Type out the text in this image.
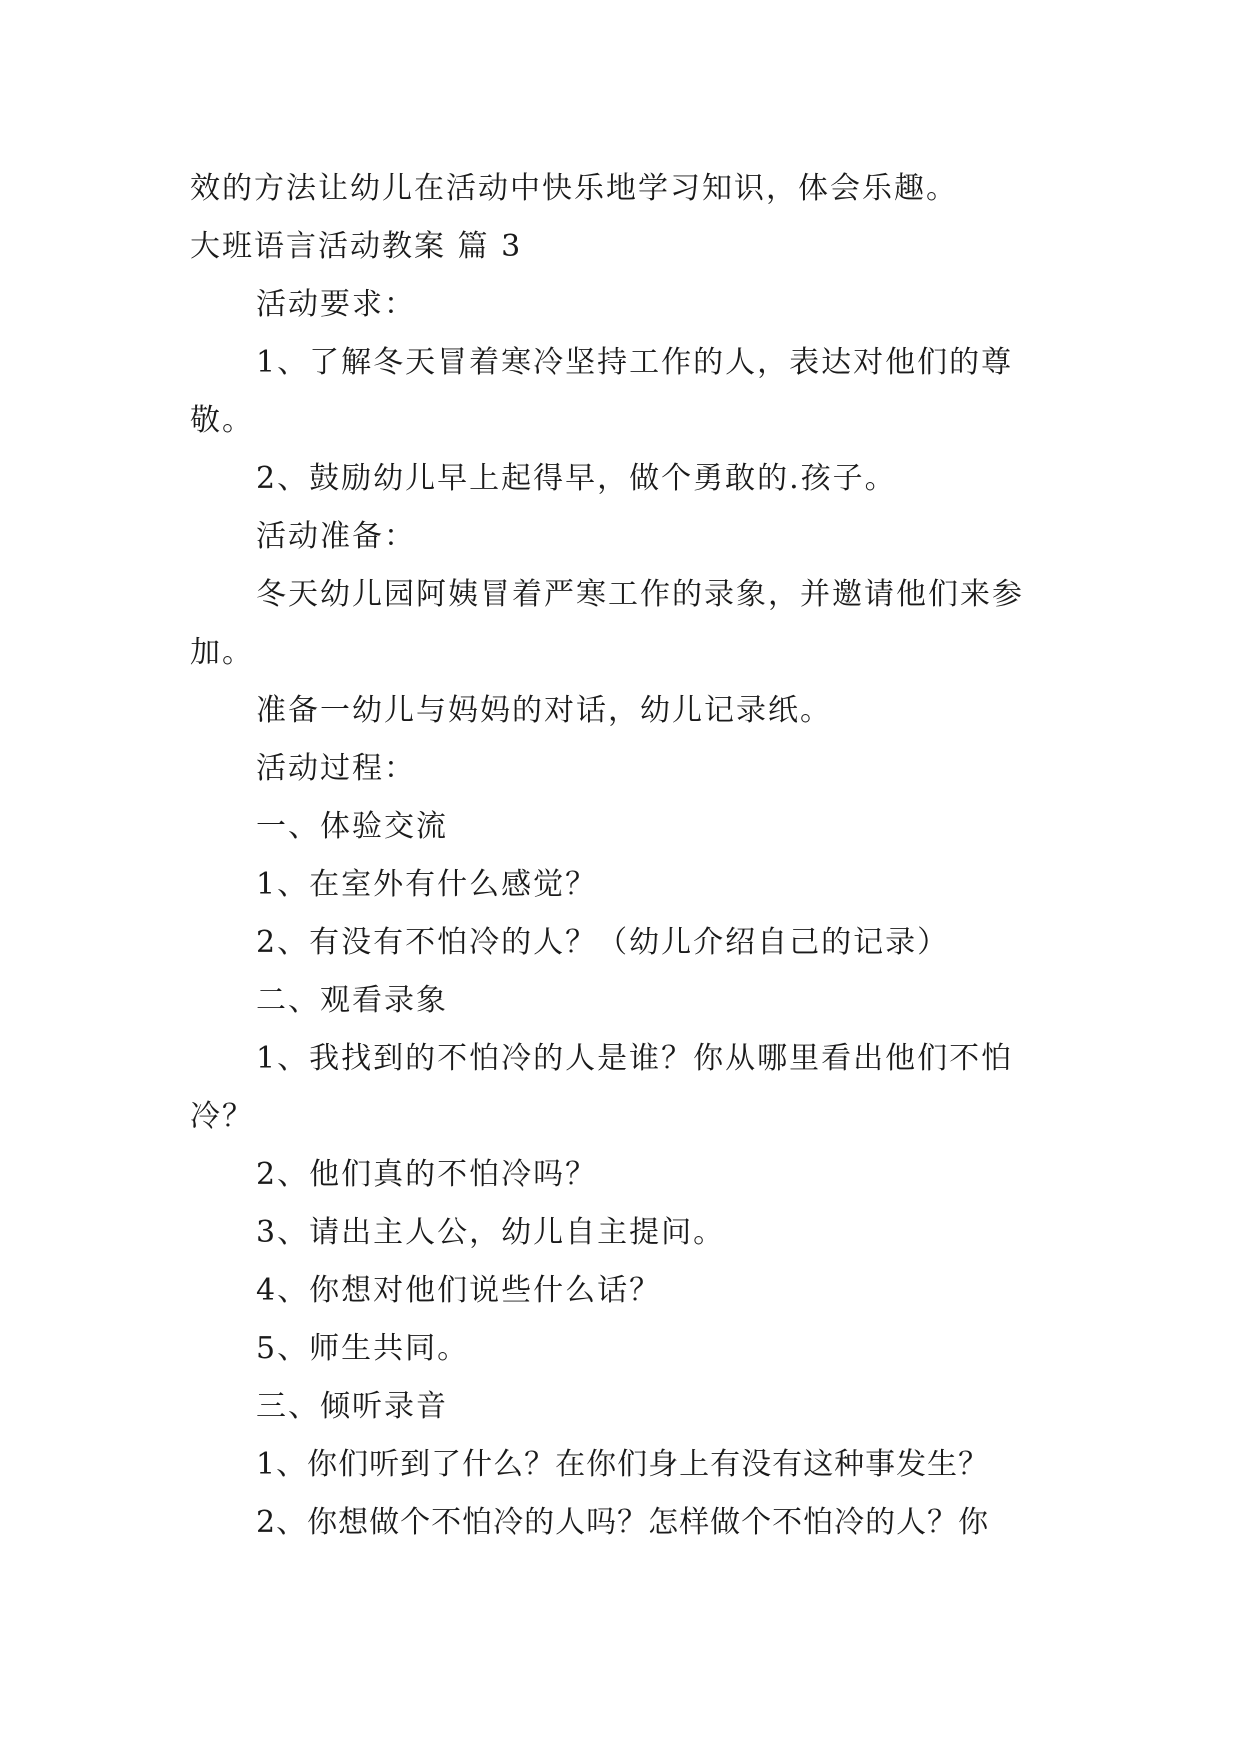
效的方法让幼儿在活动中快乐地学习知识，体会乐趣。
大班语言活动教案 篇 3
活动要求：
1、了解冬天冒着寒冷坚持工作的人，表达对他们的尊
敬。
2、鼓励幼儿早上起得早，做个勇敢的.孩子。
活动准备：
冬天幼儿园阿姨冒着严寒工作的录象，并邀请他们来参
加。
准备一幼儿与妈妈的对话，幼儿记录纸。
活动过程：
一、体验交流
1、在室外有什么感觉？
2、有没有不怕冷的人？（幼儿介绍自己的记录）
二、观看录象
1、我找到的不怕冷的人是谁？你从哪里看出他们不怕
冷？
2、他们真的不怕冷吗？
3、请出主人公，幼儿自主提问。
4、你想对他们说些什么话？
5、师生共同。
三、倾听录音
1、你们听到了什么？在你们身上有没有这种事发生？
2、你想做个不怕冷的人吗？怎样做个不怕冷的人？你
